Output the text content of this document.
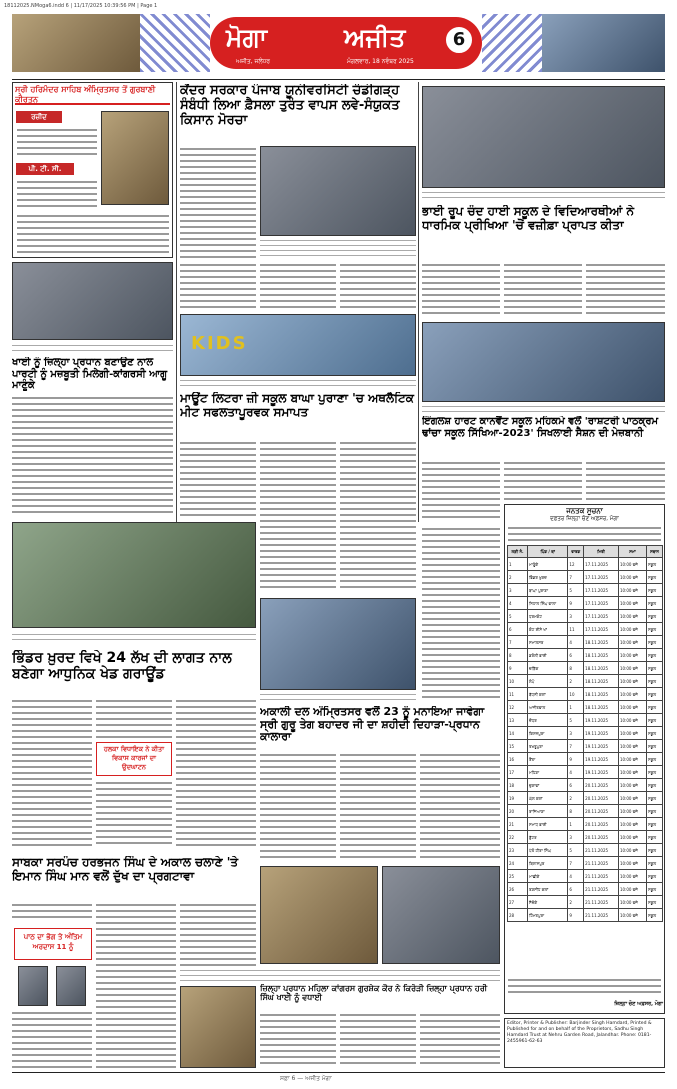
18112025.NMoga6.indd 6 | 11/17/2025 10:39:56 PM | Page 1
ਮੋਗਾ	ਅਜੀਤ	6
ਅਜੀਤ, ਜਲੰਧਰ	ਮੰਗਲਵਾਰ, 18 ਨਵੰਬਰ 2025
ਸ੍ਰੀ ਹਰਿਮੰਦਰ ਸਾਹਿਬ ਅੰਮ੍ਰਿਤਸਰ ਤੋਂ ਗੁਰਬਾਣੀ ਕੀਰਤਨ
ਰਜ਼ੀਦ
ਪੀ. ਟੀ. ਸੀ.
ਖਾਈ ਨੂੰ ਜ਼ਿਲ੍ਹਾ ਪ੍ਰਧਾਨ ਬਣਾਉਣ ਨਾਲ ਪਾਰਟੀ ਨੂੰ ਮਜ਼ਬੂਤੀ ਮਿਲੇਗੀ-ਕਾਂਗਰਸੀ ਆਗੂ ਮਾਣੂੰਕੇ
ਭਿੰਡਰ ਖ਼ੁਰਦ ਵਿਖੇ 24 ਲੱਖ ਦੀ ਲਾਗਤ ਨਾਲ ਬਣੇਗਾ ਆਧੁਨਿਕ ਖੇਡ ਗਰਾਊਂਡ
ਹਲਕਾ ਵਿਧਾਇਕ ਨੇ ਕੀਤਾ ਵਿਕਾਸ ਕਾਰਜਾਂ ਦਾ ਉਦਘਾਟਨ
ਸਾਬਕਾ ਸਰਪੰਚ ਹਰਭਜਨ ਸਿੰਘ ਦੇ ਅਕਾਲ ਚਲਾਣੇ 'ਤੇ ਇਮਾਨ ਸਿੰਘ ਮਾਨ ਵਲੋਂ ਦੁੱਖ ਦਾ ਪ੍ਰਗਟਾਵਾ
ਪਾਠ ਦਾ ਭੋਗ ਤੇ ਅੰਤਿਮ ਅਰਦਾਸ 11 ਨੂੰ
ਕੇਂਦਰ ਸਰਕਾਰ ਪੰਜਾਬ ਯੂਨੀਵਰਸਿਟੀ ਚੰਡੀਗੜ੍ਹ ਸੰਬੰਧੀ ਲਿਆ ਫ਼ੈਸਲਾ ਤੁਰੰਤ ਵਾਪਸ ਲਵੇ-ਸੰਯੁਕਤ ਕਿਸਾਨ ਮੋਰਚਾ
KIDS
ਮਾਊਂਟ ਲਿਟਰਾ ਜ਼ੀ ਸਕੂਲ ਬਾਘਾ ਪੁਰਾਣਾ 'ਚ ਅਥਲੈਟਿਕ ਮੀਟ ਸਫਲਤਾਪੂਰਵਕ ਸਮਾਪਤ
ਅਕਾਲੀ ਦਲ ਅੰਮ੍ਰਿਤਸਰ ਵਲੋਂ 23 ਨੂੰ ਮਨਾਇਆ ਜਾਵੇਗਾ ਸ੍ਰੀ ਗੁਰੂ ਤੇਗ ਬਹਾਦਰ ਜੀ ਦਾ ਸ਼ਹੀਦੀ ਦਿਹਾੜਾ-ਪ੍ਰਧਾਨ ਕਾਲਾਰਾ
ਜ਼ਿਲ੍ਹਾ ਪ੍ਰਧਾਨ ਮਹਿਲਾ ਕਾਂਗਰਸ ਗੁਰਸ਼ੇਕ ਕੌਰ ਨੇ ਕਿਰੋੜੀ ਜ਼ਿਲ੍ਹਾ ਪ੍ਰਧਾਨ ਹਰੀ ਸਿੰਘ ਖਾਈ ਨੂੰ ਵਧਾਈ
ਭਾਈ ਰੂਪ ਚੰਦ ਹਾਈ ਸਕੂਲ ਦੇ ਵਿਦਿਆਰਥੀਆਂ ਨੇ ਧਾਰਮਿਕ ਪ੍ਰੀਖਿਆ 'ਚੋਂ ਵਜ਼ੀਫ਼ਾ ਪ੍ਰਾਪਤ ਕੀਤਾ
ਇੰਗਲਸ਼ ਹਾਰਟ ਕਾਨਵੈਂਟ ਸਕੂਲ ਮਹਿਕਮੇ ਵਲੋਂ 'ਰਾਸ਼ਟਰੀ ਪਾਠਕ੍ਰਮ ਢਾਂਚਾ ਸਕੂਲ ਸਿੱਖਿਆ-2023' ਸਿਖਲਾਈ ਸੈਸ਼ਨ ਦੀ ਮੇਜ਼ਬਾਨੀ
ਜਨਤਕ ਸੂਚਨਾ
ਦਫ਼ਤਰ ਜ਼ਿਲ੍ਹਾ ਚੋਣ ਅਫ਼ਸਰ, ਮੋਗਾ
ਲੜੀ ਨੰ.	ਪਿੰਡ / ਥਾਂ	ਵਾਰਡ	ਮਿਤੀ	ਸਮਾਂ	ਸਥਾਨ
1	ਮਾਣੂੰਕੇ	12	17.11.2025	10:00 ਵਜੇ	ਸਕੂਲ
2	ਭਿੰਡਰ ਖ਼ੁਰਦ	7	17.11.2025	10:00 ਵਜੇ	ਸਕੂਲ
3	ਬਾਘਾ ਪੁਰਾਣਾ	5	17.11.2025	10:00 ਵਜੇ	ਸਕੂਲ
4	ਨਿਹਾਲ ਸਿੰਘ ਵਾਲਾ	9	17.11.2025	10:00 ਵਜੇ	ਸਕੂਲ
5	ਧਰਮਕੋਟ	3	17.11.2025	10:00 ਵਜੇ	ਸਕੂਲ
6	ਕੋਟ ਈਸੇ ਖਾਂ	11	17.11.2025	10:00 ਵਜੇ	ਸਕੂਲ
7	ਸਮਾਲਸਰ	4	18.11.2025	10:00 ਵਜੇ	ਸਕੂਲ
8	ਡਰੋਲੀ ਭਾਈ	6	18.11.2025	10:00 ਵਜੇ	ਸਕੂਲ
9	ਚੜਿੱਕ	8	18.11.2025	10:00 ਵਜੇ	ਸਕੂਲ
10	ਲੋਪੋ	2	18.11.2025	10:00 ਵਜੇ	ਸਕੂਲ
11	ਬੱਧਨੀ ਕਲਾਂ	10	18.11.2025	10:00 ਵਜੇ	ਸਕੂਲ
12	ਅਜੀਤਵਾਲ	1	18.11.2025	10:00 ਵਜੇ	ਸਕੂਲ
13	ਦੌਧਰ	5	19.11.2025	10:00 ਵਜੇ	ਸਕੂਲ
14	ਕਿਸ਼ਨਪੁਰਾ	3	19.11.2025	10:00 ਵਜੇ	ਸਕੂਲ
15	ਤਖਤੂਪੁਰਾ	7	19.11.2025	10:00 ਵਜੇ	ਸਕੂਲ
16	ਰੌਂਤਾ	9	19.11.2025	10:00 ਵਜੇ	ਸਕੂਲ
17	ਮਹਿਣਾ	4	19.11.2025	10:00 ਵਜੇ	ਸਕੂਲ
18	ਚੁਗਾਵਾਂ	6	20.11.2025	10:00 ਵਜੇ	ਸਕੂਲ
19	ਘੱਲ ਕਲਾਂ	2	20.11.2025	10:00 ਵਜੇ	ਸਕੂਲ
20	ਰਾਜਿਆਣਾ	8	20.11.2025	10:00 ਵਜੇ	ਸਕੂਲ
21	ਸਮਾਧ ਭਾਈ	1	20.11.2025	10:00 ਵਜੇ	ਸਕੂਲ
22	ਬੁੱਟਰ	3	20.11.2025	10:00 ਵਜੇ	ਸਕੂਲ
23	ਪੱਤੋ ਹੀਰਾ ਸਿੰਘ	5	21.11.2025	10:00 ਵਜੇ	ਸਕੂਲ
24	ਬਿਲਾਸਪੁਰ	7	21.11.2025	10:00 ਵਜੇ	ਸਕੂਲ
25	ਮਾਛੀਕੇ	4	21.11.2025	10:00 ਵਜੇ	ਸਕੂਲ
26	ਰਣਸੀਂਹ ਕਲਾਂ	6	21.11.2025	10:00 ਵਜੇ	ਸਕੂਲ
27	ਸੈਦੋਕੇ	2	21.11.2025	10:00 ਵਜੇ	ਸਕੂਲ
28	ਹਿੰਮਤਪੁਰਾ	9	21.11.2025	10:00 ਵਜੇ	ਸਕੂਲ
ਜ਼ਿਲ੍ਹਾ ਚੋਣ ਅਫ਼ਸਰ, ਮੋਗਾ
Editor, Printer & Publisher: Barjinder Singh Hamdard, Printed & Published for and on behalf of the Proprietors, Sadhu Singh Hamdard Trust at Nehru Garden Road, Jalandhar. Phone: 0181-2455961-62-63
ਸਫ਼ਾ 6 — ਅਜੀਤ ਮੋਗਾ
